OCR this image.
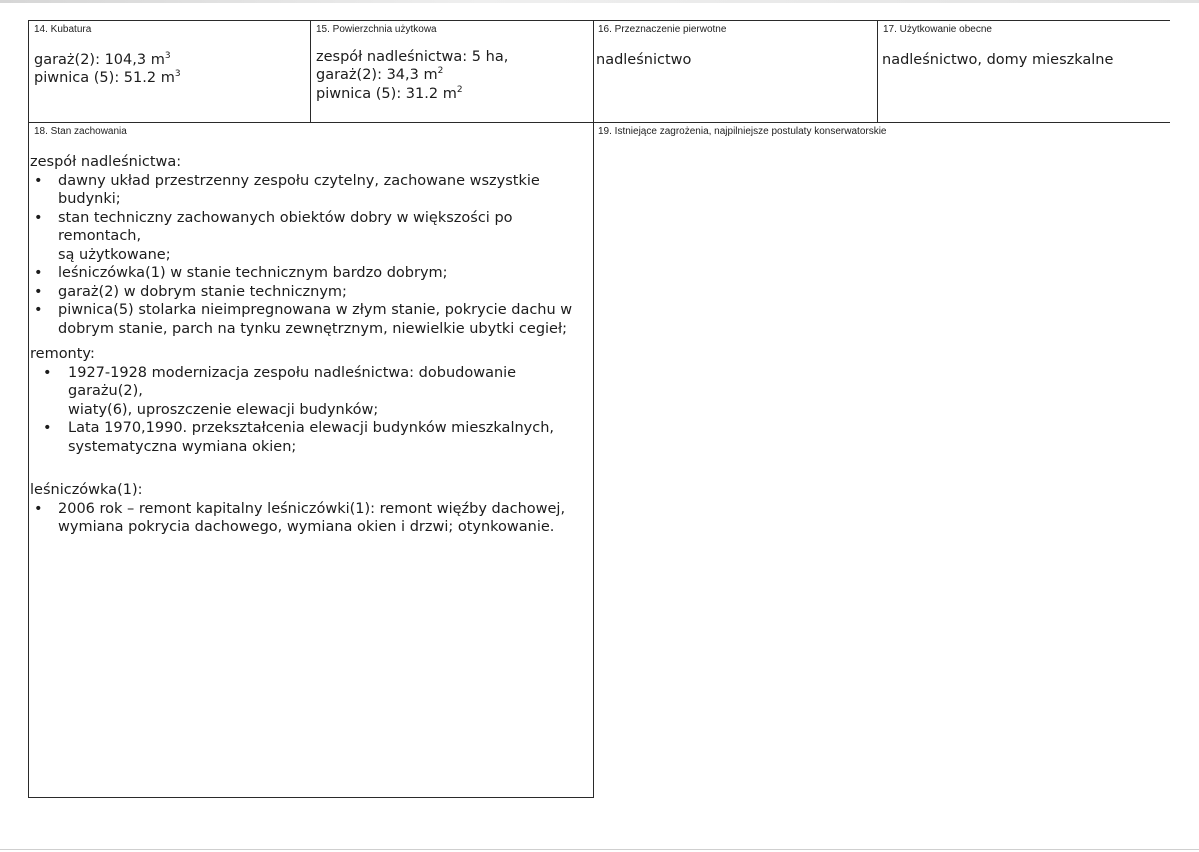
14. Kubatura
garaż(2): 104,3 $m^3$
piwnica (5): 51.2 $m^3$
15. Powierzchnia użytkowa
zespół nadleśnictwa: 5 ha,
garaż(2): 34,3 $m^2$
piwnica (5): 31.2 $m^2$
16. Przeznaczenie pierwotne
nadleśnictwo
17. Użytkowanie obecne
nadleśnictwo, domy mieszkalne
18. Stan zachowania
zespół nadleśnictwa:
• dawny układ przestrzenny zespołu czytelny, zachowane wszystkie budynki;
• stan techniczny zachowanych obiektów dobry w większości po remontach,
są użytkowane;
• leśniczówka(1) w stanie technicznym bardzo dobrym;
• garaż(2) w dobrym stanie technicznym;
• piwnica(5) stolarka nieimpregnowana w złym stanie, pokrycie dachu w
dobrym stanie, parch na tynku zewnętrznym, niewielkie ubytki cegieł;
remonty:
• 1927-1928 modernizacja zespołu nadleśnictwa: dobudowanie garażu(2),
wiaty(6), uproszczenie elewacji budynków;
• Lata 1970,1990. przekształcenia elewacji budynków mieszkalnych,
systematyczna wymiana okien;
leśniczówka(1):
• 2006 rok – remont kapitalny leśniczówki(1): remont więźby dachowej,
wymiana pokrycia dachowego, wymiana okien i drzwi; otynkowanie.
19. Istniejące zagrożenia, najpilniejsze postulaty konserwatorskie
